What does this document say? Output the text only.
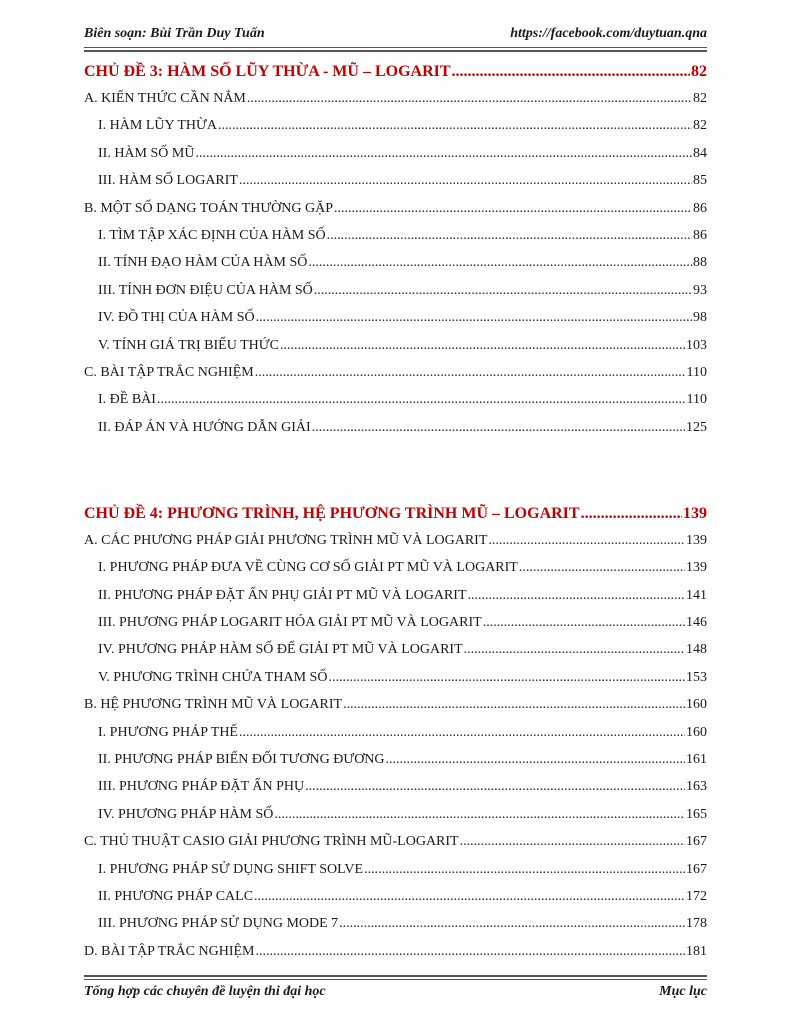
Biên soạn: Bùi Trần Duy Tuấn	https://facebook.com/duytuan.qna
CHỦ ĐỀ 3: HÀM SỐ LŨY THỪA - MŨ – LOGARIT .....	82
A. KIẾN THỨC CẦN NẮM .....	82
I. HÀM LŨY THỪA .....	82
II. HÀM SỐ MŨ .....	84
III. HÀM SỐ LOGARIT .....	85
B. MỘT SỐ DẠNG TOÁN THƯỜNG GẶP .....	86
I. TÌM TẬP XÁC ĐỊNH CỦA HÀM SỐ .....	86
II. TÍNH ĐẠO HÀM CỦA HÀM SỐ .....	88
III. TÍNH ĐƠN ĐIỆU CỦA HÀM SỐ .....	93
IV. ĐỒ THỊ CỦA HÀM SỐ .....	98
V. TÍNH GIÁ TRỊ BIỂU THỨC .....	103
C. BÀI TẬP TRẮC NGHIỆM .....	110
I. ĐỀ BÀI .....	110
II. ĐÁP ÁN VÀ HƯỚNG DẪN GIẢI .....	125
CHỦ ĐỀ 4: PHƯƠNG TRÌNH, HỆ PHƯƠNG TRÌNH MŨ – LOGARIT .....	139
A. CÁC PHƯƠNG PHÁP GIẢI PHƯƠNG TRÌNH MŨ VÀ LOGARIT .....	139
I. PHƯƠNG PHÁP ĐƯA VỀ CÙNG CƠ SỐ GIẢI PT MŨ VÀ LOGARIT .....	139
II. PHƯƠNG PHÁP ĐẶT ẨN PHỤ GIẢI PT MŨ VÀ LOGARIT .....	141
III. PHƯƠNG PHÁP LOGARIT HÓA GIẢI PT MŨ VÀ LOGARIT .....	146
IV. PHƯƠNG PHÁP HÀM SỐ ĐỂ GIẢI PT MŨ VÀ LOGARIT .....	148
V. PHƯƠNG TRÌNH CHỨA THAM SỐ .....	153
B. HỆ PHƯƠNG TRÌNH MŨ VÀ LOGARIT .....	160
I. PHƯƠNG PHÁP THẾ .....	160
II. PHƯƠNG PHÁP BIẾN ĐỔI TƯƠNG ĐƯƠNG .....	161
III. PHƯƠNG PHÁP ĐẶT ẨN PHỤ .....	163
IV. PHƯƠNG PHÁP HÀM SỐ .....	165
C. THỦ THUẬT CASIO GIẢI PHƯƠNG TRÌNH MŨ-LOGARIT .....	167
I. PHƯƠNG PHÁP SỬ DỤNG SHIFT SOLVE .....	167
II. PHƯƠNG PHÁP CALC .....	172
III. PHƯƠNG PHÁP SỬ DỤNG MODE 7 .....	178
D. BÀI TẬP TRẮC NGHIỆM .....	181
Tổng hợp các chuyên đề luyện thi đại học	Mục lục
